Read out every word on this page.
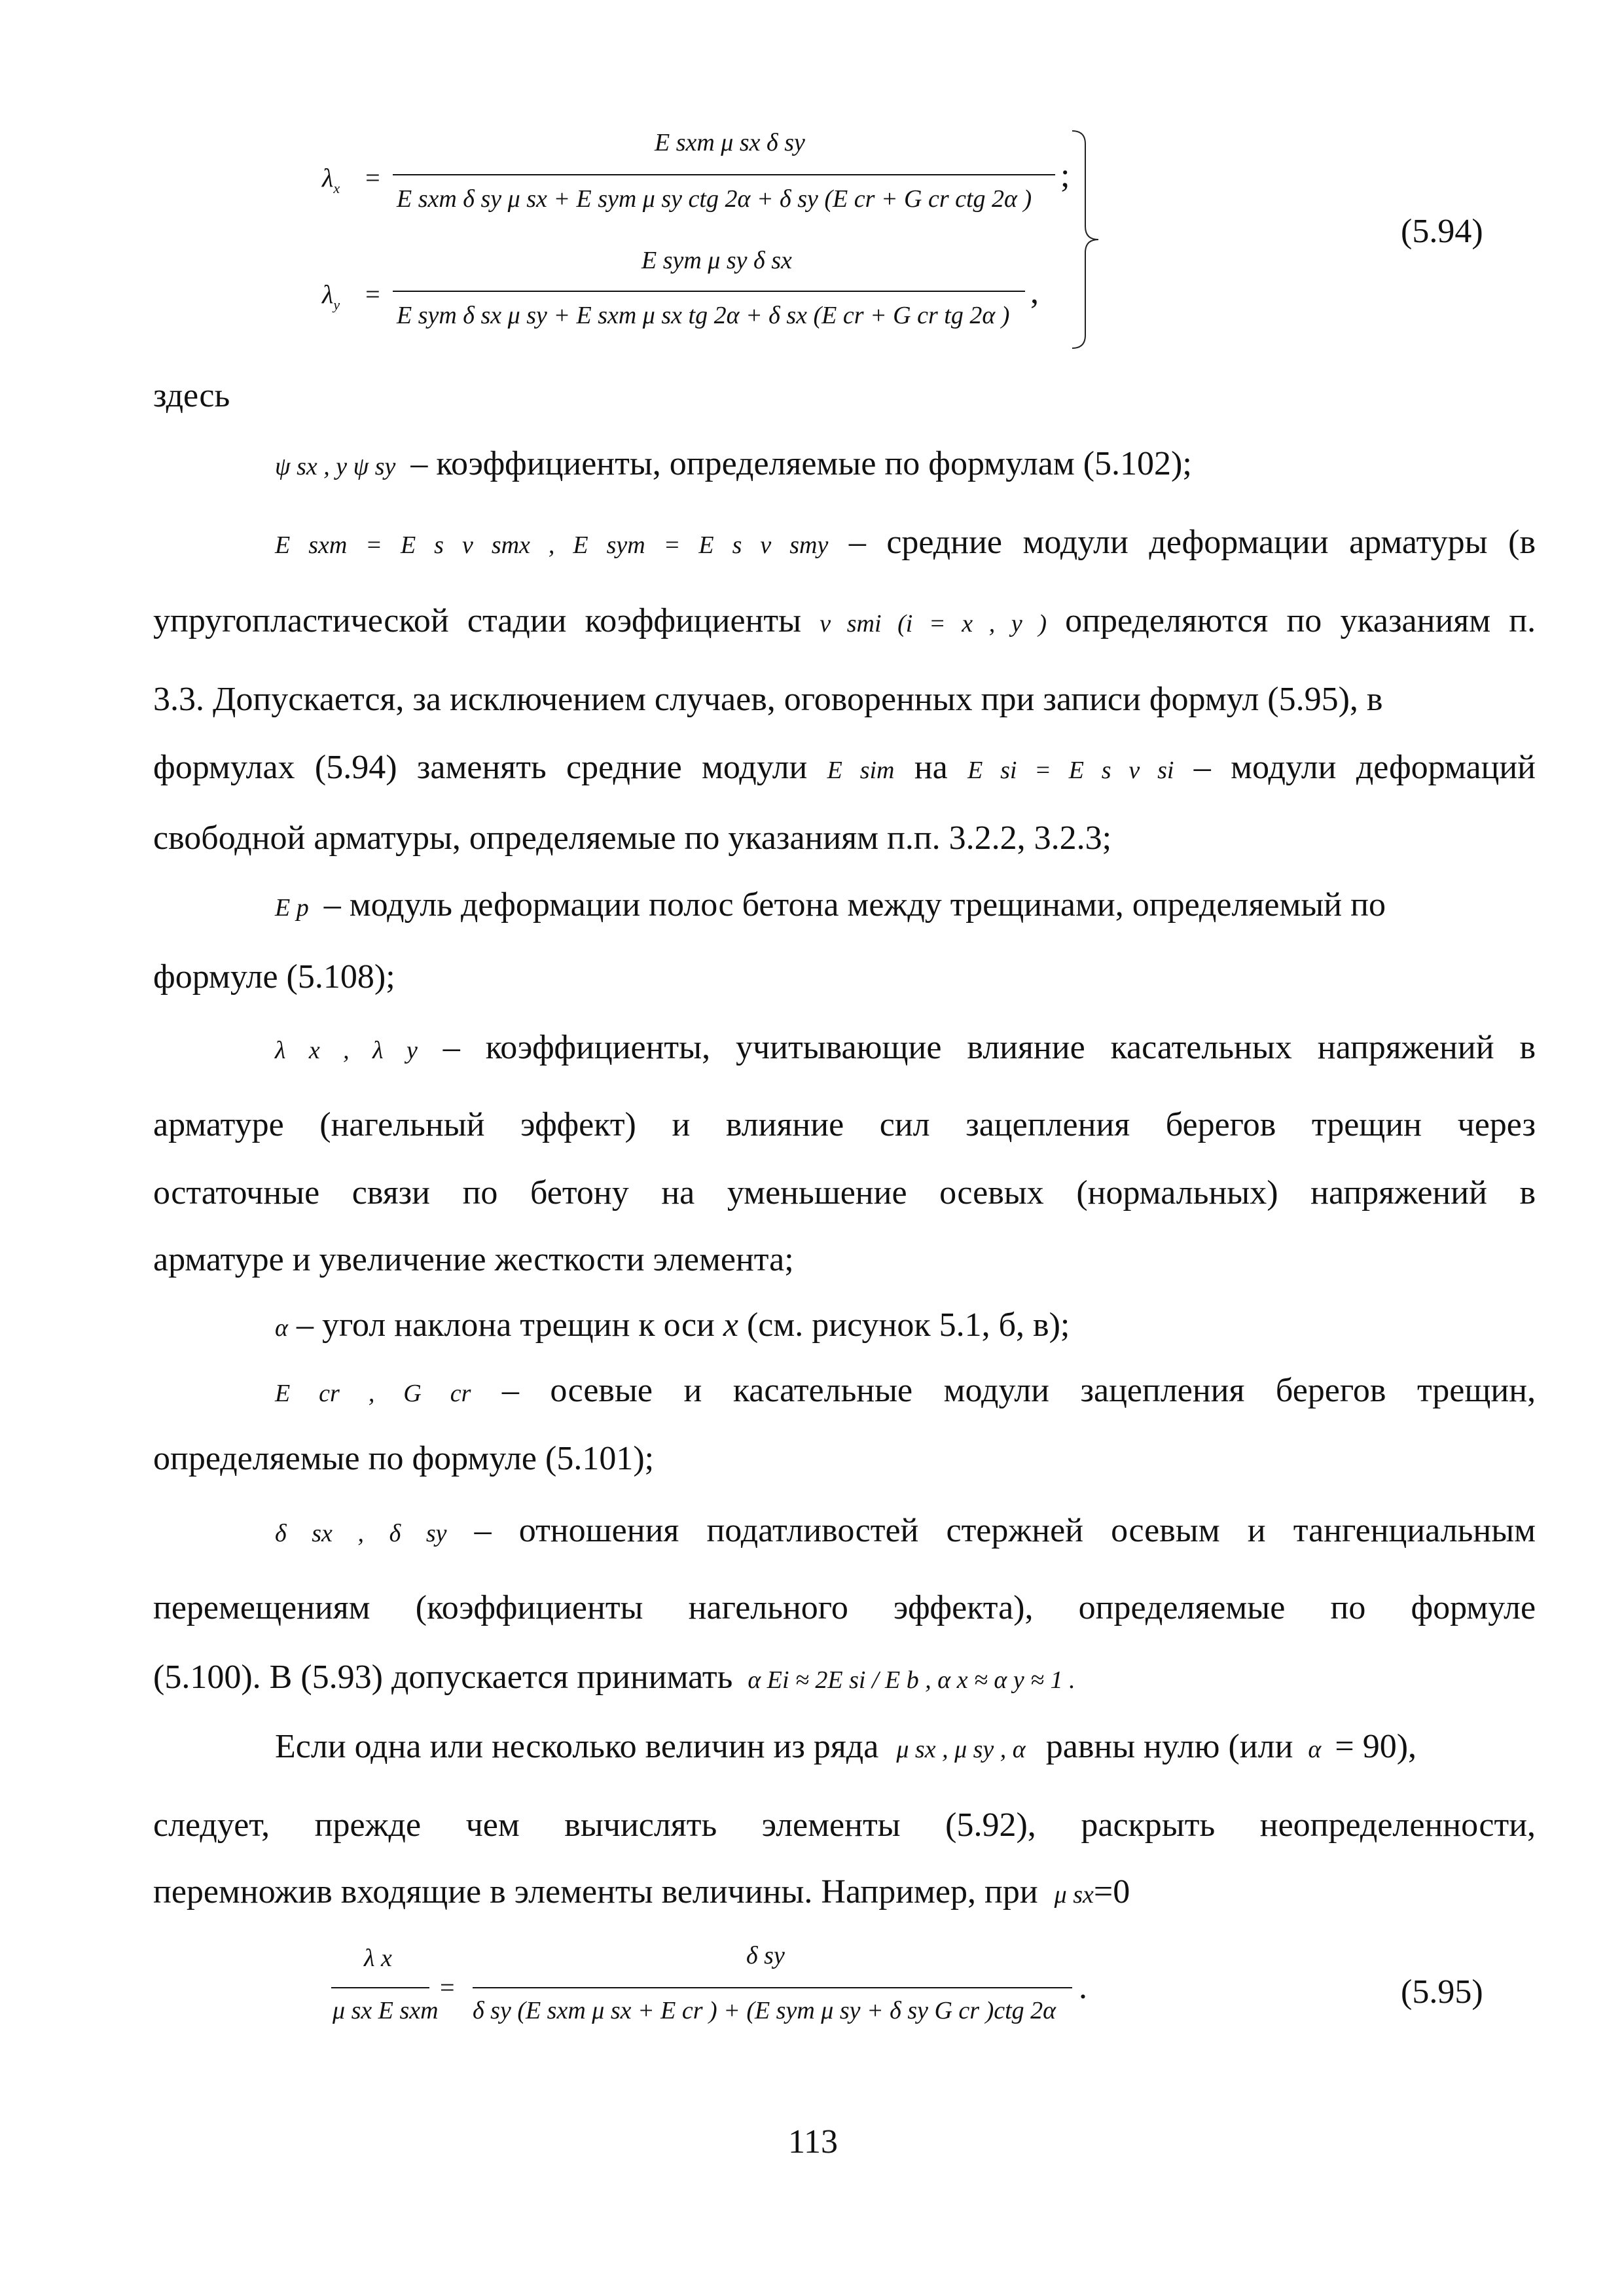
λx =
E sxm μ sx δ sy
E sxm δ sy μ sx + E sym μ sy ctg 2α + δ sy (E cr + G cr ctg 2α )
;
λy =
E sym μ sy δ sx
E sym δ sx μ sy + E sxm μ sx tg 2α + δ sx (E cr + G cr tg 2α )
,
(5.94)
здесь
ψ sx , y ψ sy – коэффициенты, определяемые по формулам (5.102);
E sxm = E s ν smx , E sym = E s ν smy – средние модули деформации арматуры (в
упругопластической стадии коэффициенты ν smi (i = x , y ) определяются по указаниям п.
3.3. Допускается, за исключением случаев, оговоренных при записи формул (5.95), в
формулах (5.94) заменять средние модули E sim на E si = E s ν si – модули деформаций
свободной арматуры, определяемые по указаниям п.п. 3.2.2, 3.2.3;
E p – модуль деформации полос бетона между трещинами, определяемый по
формуле (5.108);
λ x , λ y – коэффициенты, учитывающие влияние касательных напряжений в
арматуре (нагельный эффект) и влияние сил зацепления берегов трещин через
остаточные связи по бетону на уменьшение осевых (нормальных) напряжений в
арматуре и увеличение жесткости элемента;
α – угол наклона трещин к оси x (см. рисунок 5.1, б, в);
E cr , G cr – осевые и касательные модули зацепления берегов трещин,
определяемые по формуле (5.101);
δ sx , δ sy – отношения податливостей стержней осевым и тангенциальным
перемещениям (коэффициенты нагельного эффекта), определяемые по формуле
(5.100). В (5.93) допускается принимать α Ei ≈ 2E si / E b , α x ≈ α y ≈ 1 .
Если одна или несколько величин из ряда μ sx , μ sy , α равны нулю (или α = 90),
следует, прежде чем вычислять элементы (5.92), раскрыть неопределенности,
перемножив входящие в элементы величины. Например, при μ sx=0
λ x
μ sx E sxm
=
δ sy
δ sy (E sxm μ sx + E cr ) + (E sym μ sy + δ sy G cr )ctg 2α
.	(5.95)
113
